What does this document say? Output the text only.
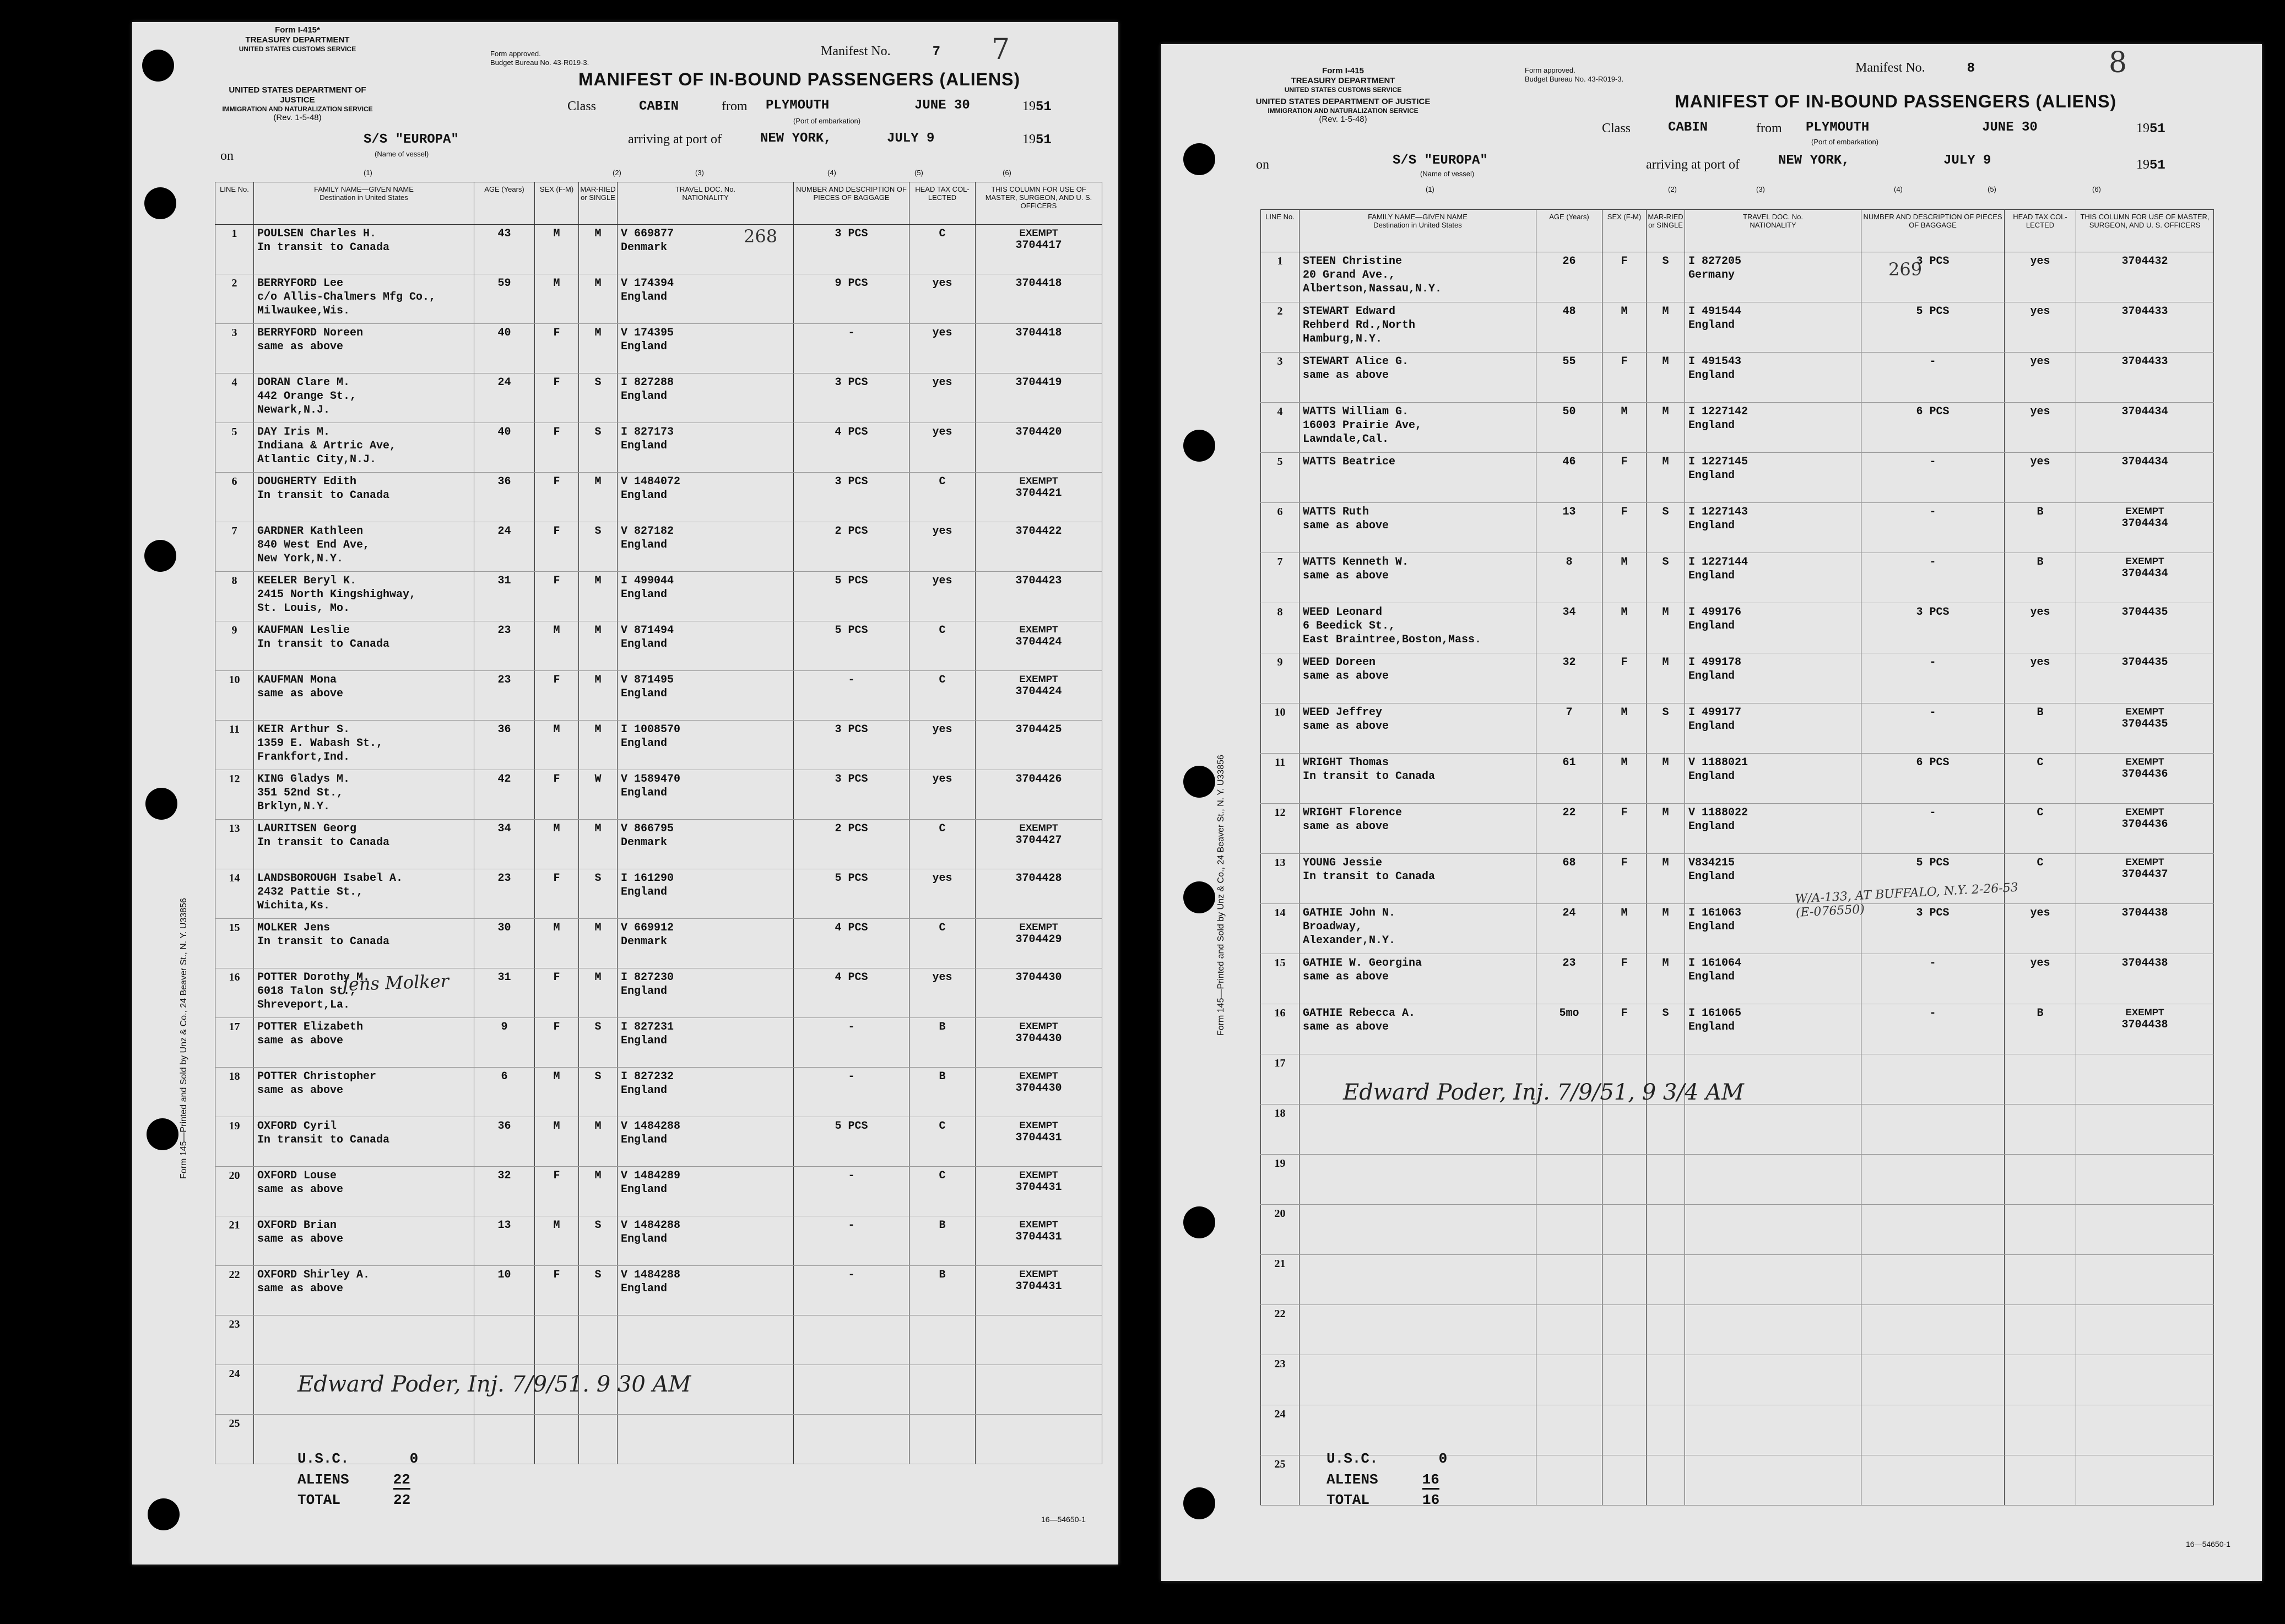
Form I-415*
TREASURY DEPARTMENT
UNITED STATES CUSTOMS SERVICE
UNITED STATES DEPARTMENT OF JUSTICE
IMMIGRATION AND NATURALIZATION SERVICE
(Rev. 1-5-48)
Form approved.
Budget Bureau No. 43-R019-3.
Manifest No.	7 7
MANIFEST OF IN-BOUND PASSENGERS (ALIENS)
Class	CABIN	from PLYMOUTH	JUNE 30	1951
(Port of embarkation)
on
S/S "EUROPA"
(Name of vessel)
arriving at port of	NEW YORK,	JULY 9	1951
Form 145—Printed and Sold by Unz & Co., 24 Beaver St., N. Y. U33856
(1)	(2)	(3)	(4)	(5)	(6)
LINE No.	FAMILY NAME—GIVEN NAME
Destination in United States	AGE (Years)	SEX (F-M)	MAR-RIED or SINGLE	TRAVEL DOC. No.
NATIONALITY	NUMBER AND DESCRIPTION OF PIECES OF BAGGAGE	HEAD TAX COL-LECTED	THIS COLUMN FOR USE OF MASTER, SURGEON, AND U. S. OFFICERS
1	POULSEN Charles H.
In transit to Canada	43	M	M	V 669877
Denmark	3 PCS	C	EXEMPT
3704417
2	BERRYFORD Lee
c/o Allis-Chalmers Mfg Co.,
Milwaukee,Wis.	59	M	M	V 174394
England	9 PCS	yes	3704418
3	BERRYFORD Noreen
same as above	40	F	M	V 174395
England	-	yes	3704418
4	DORAN Clare M.
442 Orange St.,
Newark,N.J.	24	F	S	I 827288
England	3 PCS	yes	3704419
5	DAY Iris M.
Indiana & Artric Ave,
Atlantic City,N.J.	40	F	S	I 827173
England	4 PCS	yes	3704420
6	DOUGHERTY Edith
In transit to Canada	36	F	M	V 1484072
England	3 PCS	C	EXEMPT
3704421
7	GARDNER Kathleen
840 West End Ave,
New York,N.Y.	24	F	S	V 827182
England	2 PCS	yes	3704422
8	KEELER Beryl K.
2415 North Kingshighway,
St. Louis, Mo.	31	F	M	I 499044
England	5 PCS	yes	3704423
9	KAUFMAN Leslie
In transit to Canada	23	M	M	V 871494
England	5 PCS	C	EXEMPT
3704424
10	KAUFMAN Mona
same as above	23	F	M	V 871495
England	-	C	EXEMPT
3704424
11	KEIR Arthur S.
1359 E. Wabash St.,
Frankfort,Ind.	36	M	M	I 1008570
England	3 PCS	yes	3704425
12	KING Gladys M.
351 52nd St.,
Brklyn,N.Y.	42	F	W	V 1589470
England	3 PCS	yes	3704426
13	LAURITSEN Georg
In transit to Canada	34	M	M	V 866795
Denmark	2 PCS	C	EXEMPT
3704427
14	LANDSBOROUGH Isabel A.
2432 Pattie St.,
Wichita,Ks.	23	F	S	I 161290
England	5 PCS	yes	3704428
15	MOLKER Jens
In transit to Canada	30	M	M	V 669912
Denmark	4 PCS	C	EXEMPT
3704429
16	POTTER Dorothy M.
6018 Talon St.,
Shreveport,La.	31	F	M	I 827230
England	4 PCS	yes	3704430
17	POTTER Elizabeth
same as above	9	F	S	I 827231
England	-	B	EXEMPT
3704430
18	POTTER Christopher
same as above	6	M	S	I 827232
England	-	B	EXEMPT
3704430
19	OXFORD Cyril
In transit to Canada	36	M	M	V 1484288
England	5 PCS	C	EXEMPT
3704431
20	OXFORD Louse
same as above	32	F	M	V 1484289
England	-	C	EXEMPT
3704431
21	OXFORD Brian
same as above	13	M	S	V 1484288
England	-	B	EXEMPT
3704431
22	OXFORD Shirley A.
same as above	10	F	S	V 1484288
England	-	B	EXEMPT
3704431
23	

24	

25	

268
Jens Molker
Edward Poder, Inj. 7/9/51. 9 30 AM
U.S.C.	0
ALIENS	22
TOTAL	22
16—54650-1
Form I-415
TREASURY DEPARTMENT
UNITED STATES CUSTOMS SERVICE
UNITED STATES DEPARTMENT OF JUSTICE
IMMIGRATION AND NATURALIZATION SERVICE
(Rev. 1-5-48)
Form approved.
Budget Bureau No. 43-R019-3.
Manifest No.	8	8
MANIFEST OF IN-BOUND PASSENGERS (ALIENS)
Class	CABIN	from PLYMOUTH	JUNE 30	1951
(Port of embarkation)
on	S/S "EUROPA"
(Name of vessel)
arriving at port of	NEW YORK,	JULY 9	1951
Form 145—Printed and Sold by Unz & Co., 24 Beaver St., N. Y. U33856
(1)	(2)	(3)	(4)	(5)	(6)
LINE No.	FAMILY NAME—GIVEN NAME
Destination in United States	AGE (Years)	SEX (F-M)	MAR-RIED or SINGLE	TRAVEL DOC. No.
NATIONALITY	NUMBER AND DESCRIPTION OF PIECES OF BAGGAGE	HEAD TAX COL-LECTED	THIS COLUMN FOR USE OF MASTER, SURGEON, AND U. S. OFFICERS
1	STEEN Christine
20 Grand Ave.,
Albertson,Nassau,N.Y.	26	F	S	I 827205
Germany	3 PCS	yes	3704432
2	STEWART Edward
Rehberd Rd.,North
Hamburg,N.Y.	48	M	M	I 491544
England	5 PCS	yes	3704433
3	STEWART Alice G.
same as above	55	F	M	I 491543
England	-	yes	3704433
4	WATTS William G.
16003 Prairie Ave,
Lawndale,Cal.	50	M	M	I 1227142
England	6 PCS	yes	3704434
5	WATTS Beatrice	46	F	M	I 1227145
England	-	yes	3704434
6	WATTS Ruth
same as above	13	F	S	I 1227143
England	-	B	EXEMPT
3704434
7	WATTS Kenneth W.
same as above	8	M	S	I 1227144
England	-	B	EXEMPT
3704434
8	WEED Leonard
6 Beedick St.,
East Braintree,Boston,Mass.	34	M	M	I 499176
England	3 PCS	yes	3704435
9	WEED Doreen
same as above	32	F	M	I 499178
England	-	yes	3704435
10	WEED Jeffrey
same as above	7	M	S	I 499177
England	-	B	EXEMPT
3704435
11	WRIGHT Thomas
In transit to Canada	61	M	M	V 1188021
England	6 PCS	C	EXEMPT
3704436
12	WRIGHT Florence
same as above	22	F	M	V 1188022
England	-	C	EXEMPT
3704436
13	YOUNG Jessie
In transit to Canada	68	F	M	V834215
England	5 PCS	C	EXEMPT
3704437
14	GATHIE John N.
Broadway,
Alexander,N.Y.	24	M	M	I 161063
England	3 PCS	yes	3704438
15	GATHIE W. Georgina
same as above	23	F	M	I 161064
England	-	yes	3704438
16	GATHIE Rebecca A.
same as above	5mo	F	S	I 161065
England	-	B	EXEMPT
3704438
17	

18	

19	

20	

21	

22	

23	

24	

25	

269
W/A-133, AT BUFFALO, N.Y. 2-26-53
(E-076550)
Edward Poder, Inj. 7/9/51, 9 3/4 AM
U.S.C.	0
ALIENS	16
TOTAL	16
16—54650-1
